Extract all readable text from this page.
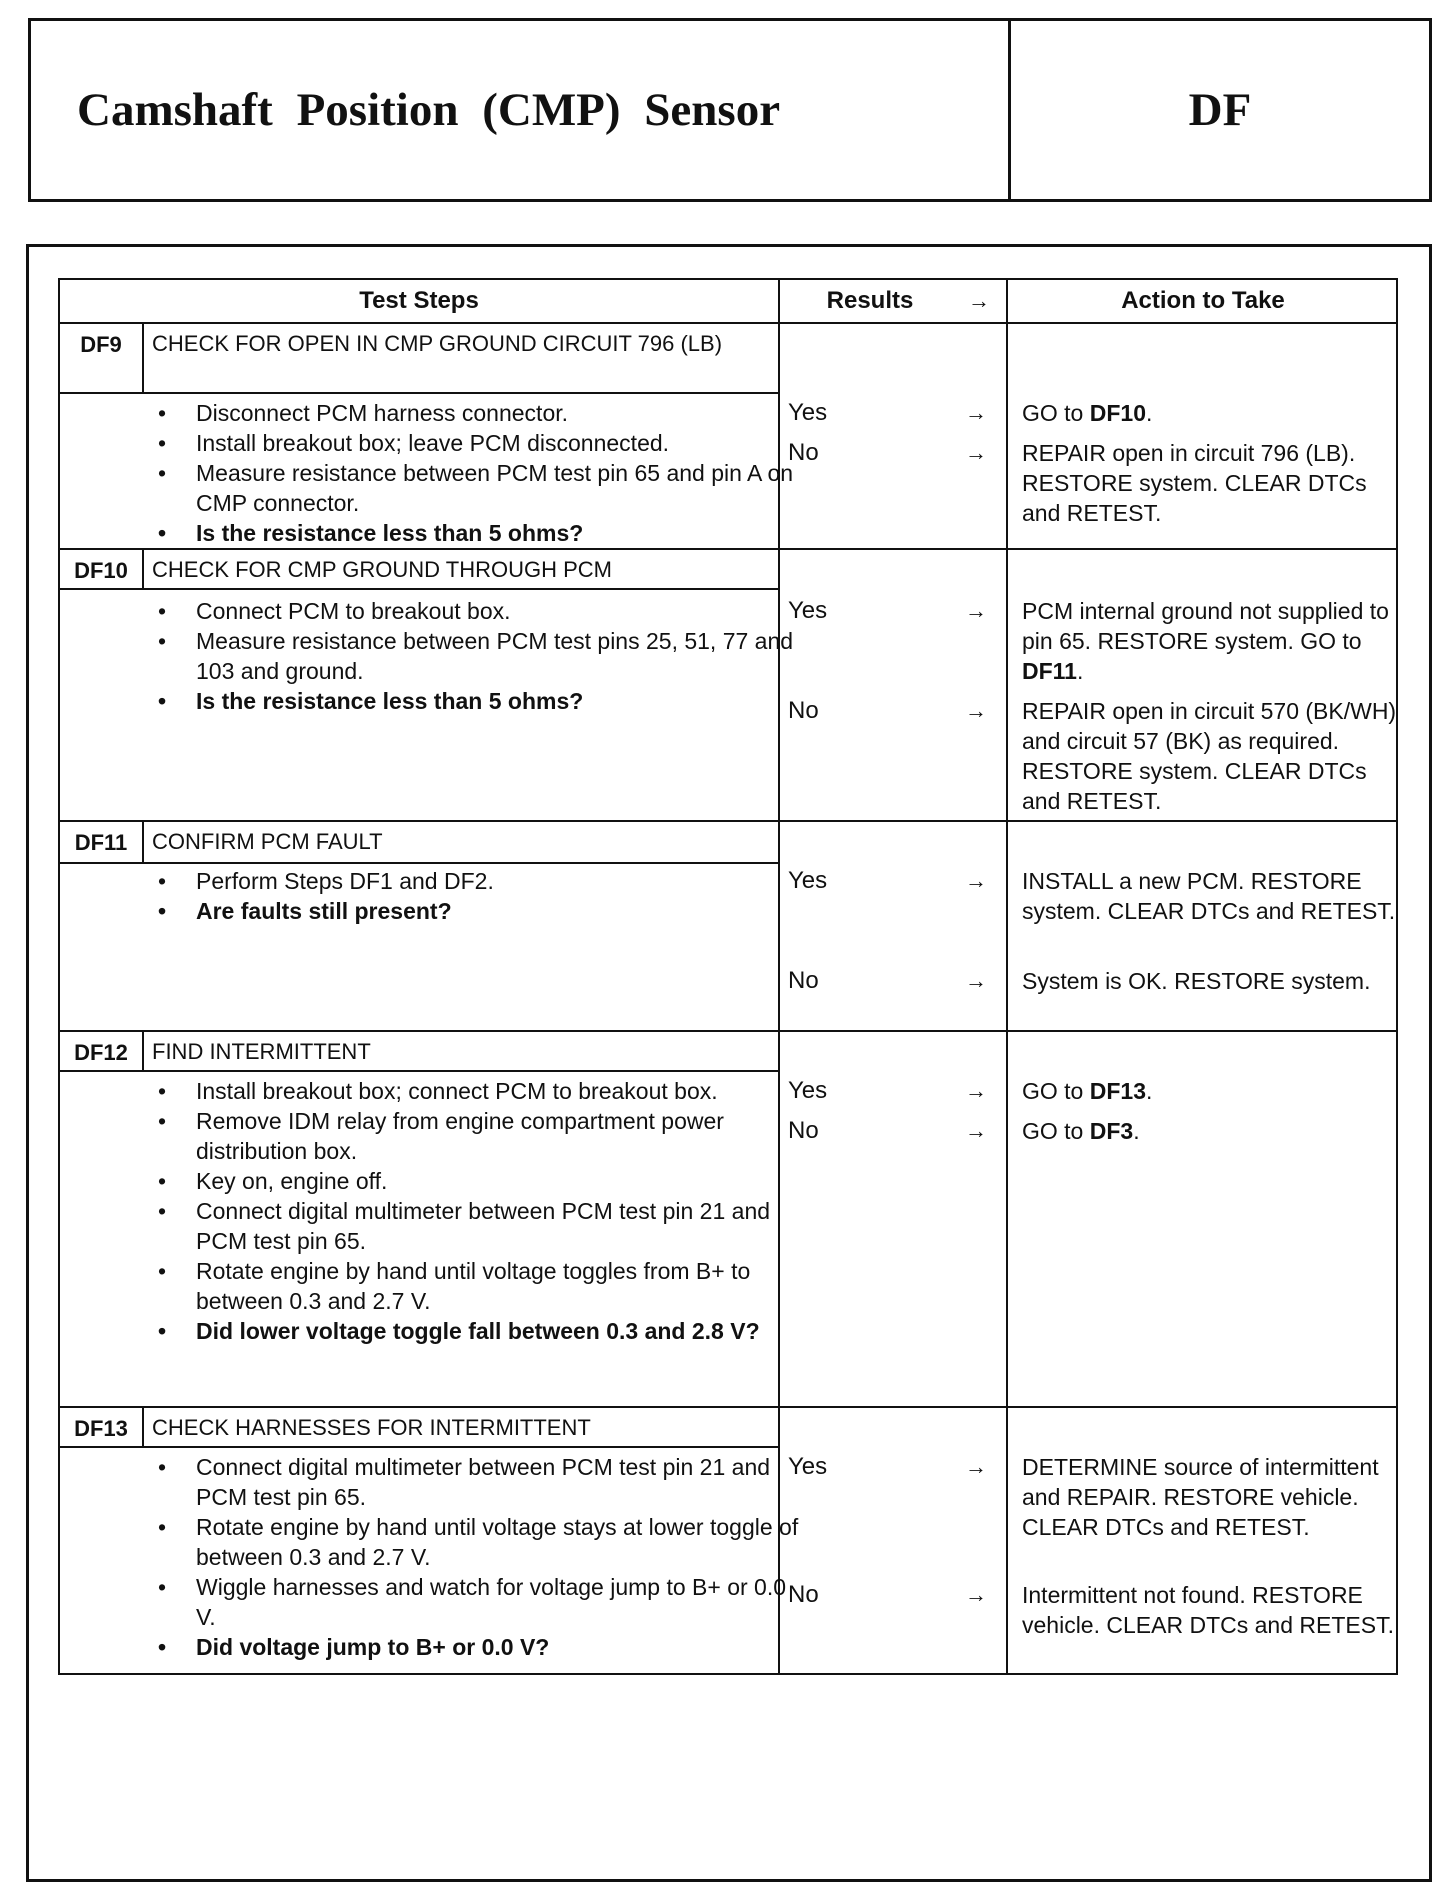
Camshaft Position (CMP) Sensor	DF
Test Steps	Results	→	Action to Take
DF9	CHECK FOR OPEN IN CMP GROUND CIRCUIT 796 (LB)
• Disconnect PCM harness connector.
• Install breakout box; leave PCM disconnected.
• Measure resistance between PCM test pin 65 and pin A on CMP connector.
• Is the resistance less than 5 ohms?
Yes	→ GO to DF10.
No	→ REPAIR open in circuit 796 (LB). RESTORE system. CLEAR DTCs and RETEST.
DF10	CHECK FOR CMP GROUND THROUGH PCM
• Connect PCM to breakout box.
• Measure resistance between PCM test pins 25, 51, 77 and 103 and ground.
• Is the resistance less than 5 ohms?
Yes	→ PCM internal ground not supplied to pin 65. RESTORE system. GO to DF11.
No	→ REPAIR open in circuit 570 (BK/WH) and circuit 57 (BK) as required. RESTORE system. CLEAR DTCs and RETEST.
DF11	CONFIRM PCM FAULT
• Perform Steps DF1 and DF2.
• Are faults still present?
Yes	→ INSTALL a new PCM. RESTORE system. CLEAR DTCs and RETEST.
No	→ System is OK. RESTORE system.
DF12	FIND INTERMITTENT
• Install breakout box; connect PCM to breakout box.
• Remove IDM relay from engine compartment power distribution box.
• Key on, engine off.
• Connect digital multimeter between PCM test pin 21 and PCM test pin 65.
• Rotate engine by hand until voltage toggles from B+ to between 0.3 and 2.7 V.
• Did lower voltage toggle fall between 0.3 and 2.8 V?
Yes	→ GO to DF13.
No	→ GO to DF3.
DF13	CHECK HARNESSES FOR INTERMITTENT
• Connect digital multimeter between PCM test pin 21 and PCM test pin 65.
• Rotate engine by hand until voltage stays at lower toggle of between 0.3 and 2.7 V.
• Wiggle harnesses and watch for voltage jump to B+ or 0.0 V.
• Did voltage jump to B+ or 0.0 V?
Yes	→ DETERMINE source of intermittent and REPAIR. RESTORE vehicle. CLEAR DTCs and RETEST.
No	→ Intermittent not found. RESTORE vehicle. CLEAR DTCs and RETEST.
